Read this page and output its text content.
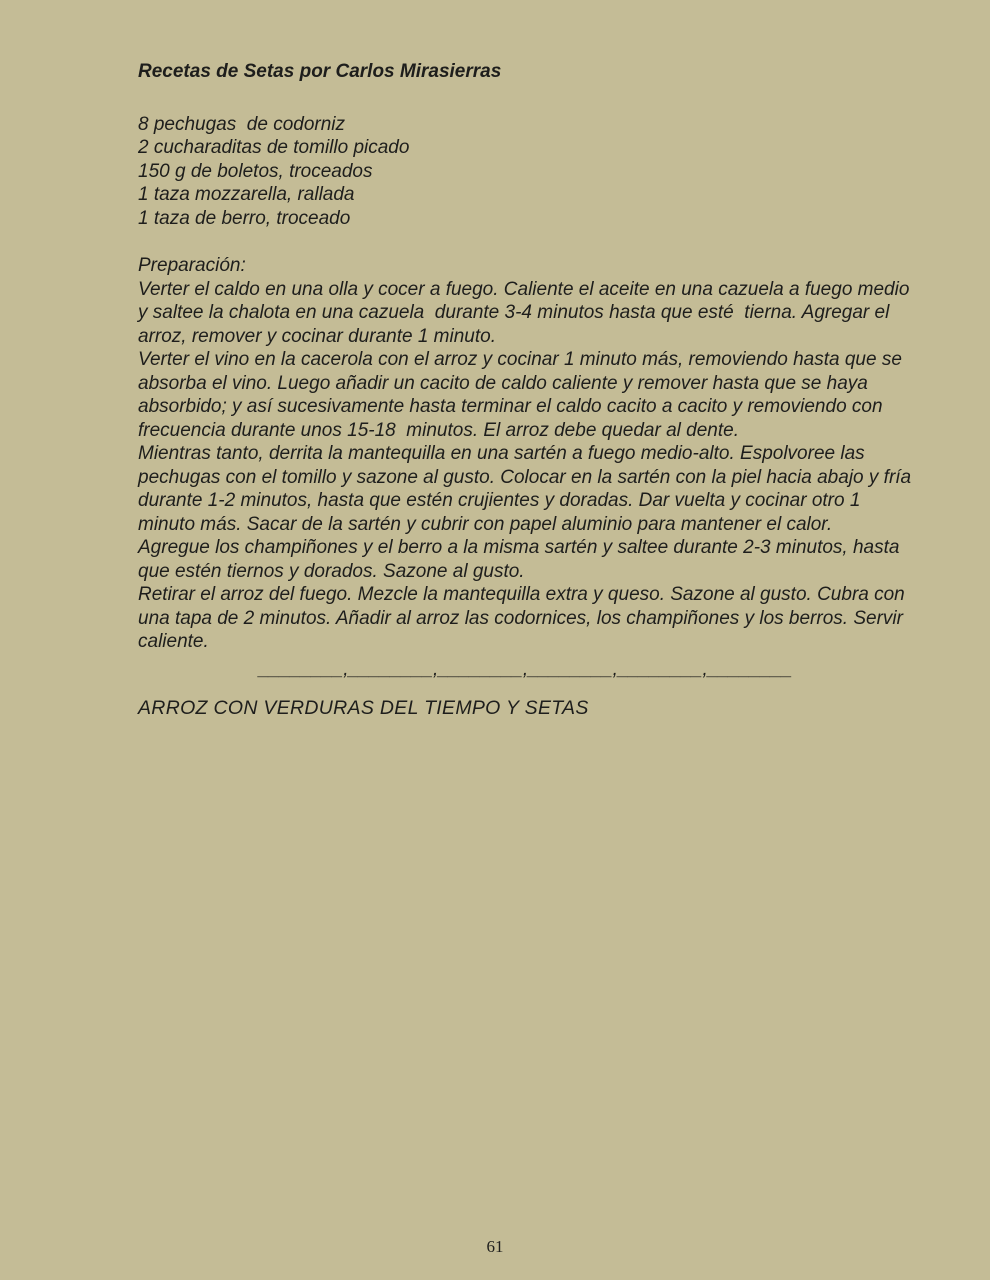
Recetas de Setas por Carlos Mirasierras
8 pechugas  de codorniz
2 cucharaditas de tomillo picado
150 g de boletos, troceados
1 taza mozzarella, rallada
1 taza de berro, troceado

Preparación:

Verter el caldo en una olla y cocer a fuego. Caliente el aceite en una cazuela a fuego medio y saltee la chalota en una cazuela  durante 3-4 minutos hasta que esté  tierna. Agregar el arroz, remover y cocinar durante 1 minuto.

Verter el vino en la cacerola con el arroz y cocinar 1 minuto más, removiendo hasta que se absorba el vino. Luego añadir un cacito de caldo caliente y remover hasta que se haya absorbido; y así sucesivamente hasta terminar el caldo cacito a cacito y removiendo con frecuencia durante unos 15-18  minutos. El arroz debe quedar al dente.

Mientras tanto, derrita la mantequilla en una sartén a fuego medio-alto. Espolvoree las pechugas con el tomillo y sazone al gusto. Colocar en la sartén con la piel hacia abajo y fría durante 1-2 minutos, hasta que estén crujientes y doradas. Dar vuelta y cocinar otro 1 minuto más. Sacar de la sartén y cubrir con papel aluminio para mantener el calor.

Agregue los champiñones y el berro a la misma sartén y saltee durante 2-3 minutos, hasta que estén tiernos y dorados. Sazone al gusto.

Retirar el arroz del fuego. Mezcle la mantequilla extra y queso. Sazone al gusto. Cubra con una tapa de 2 minutos. Añadir al arroz las codornices, los champiñones y los berros. Servir caliente.

________,________,________,________,________,________
ARROZ CON VERDURAS DEL TIEMPO Y SETAS
61
